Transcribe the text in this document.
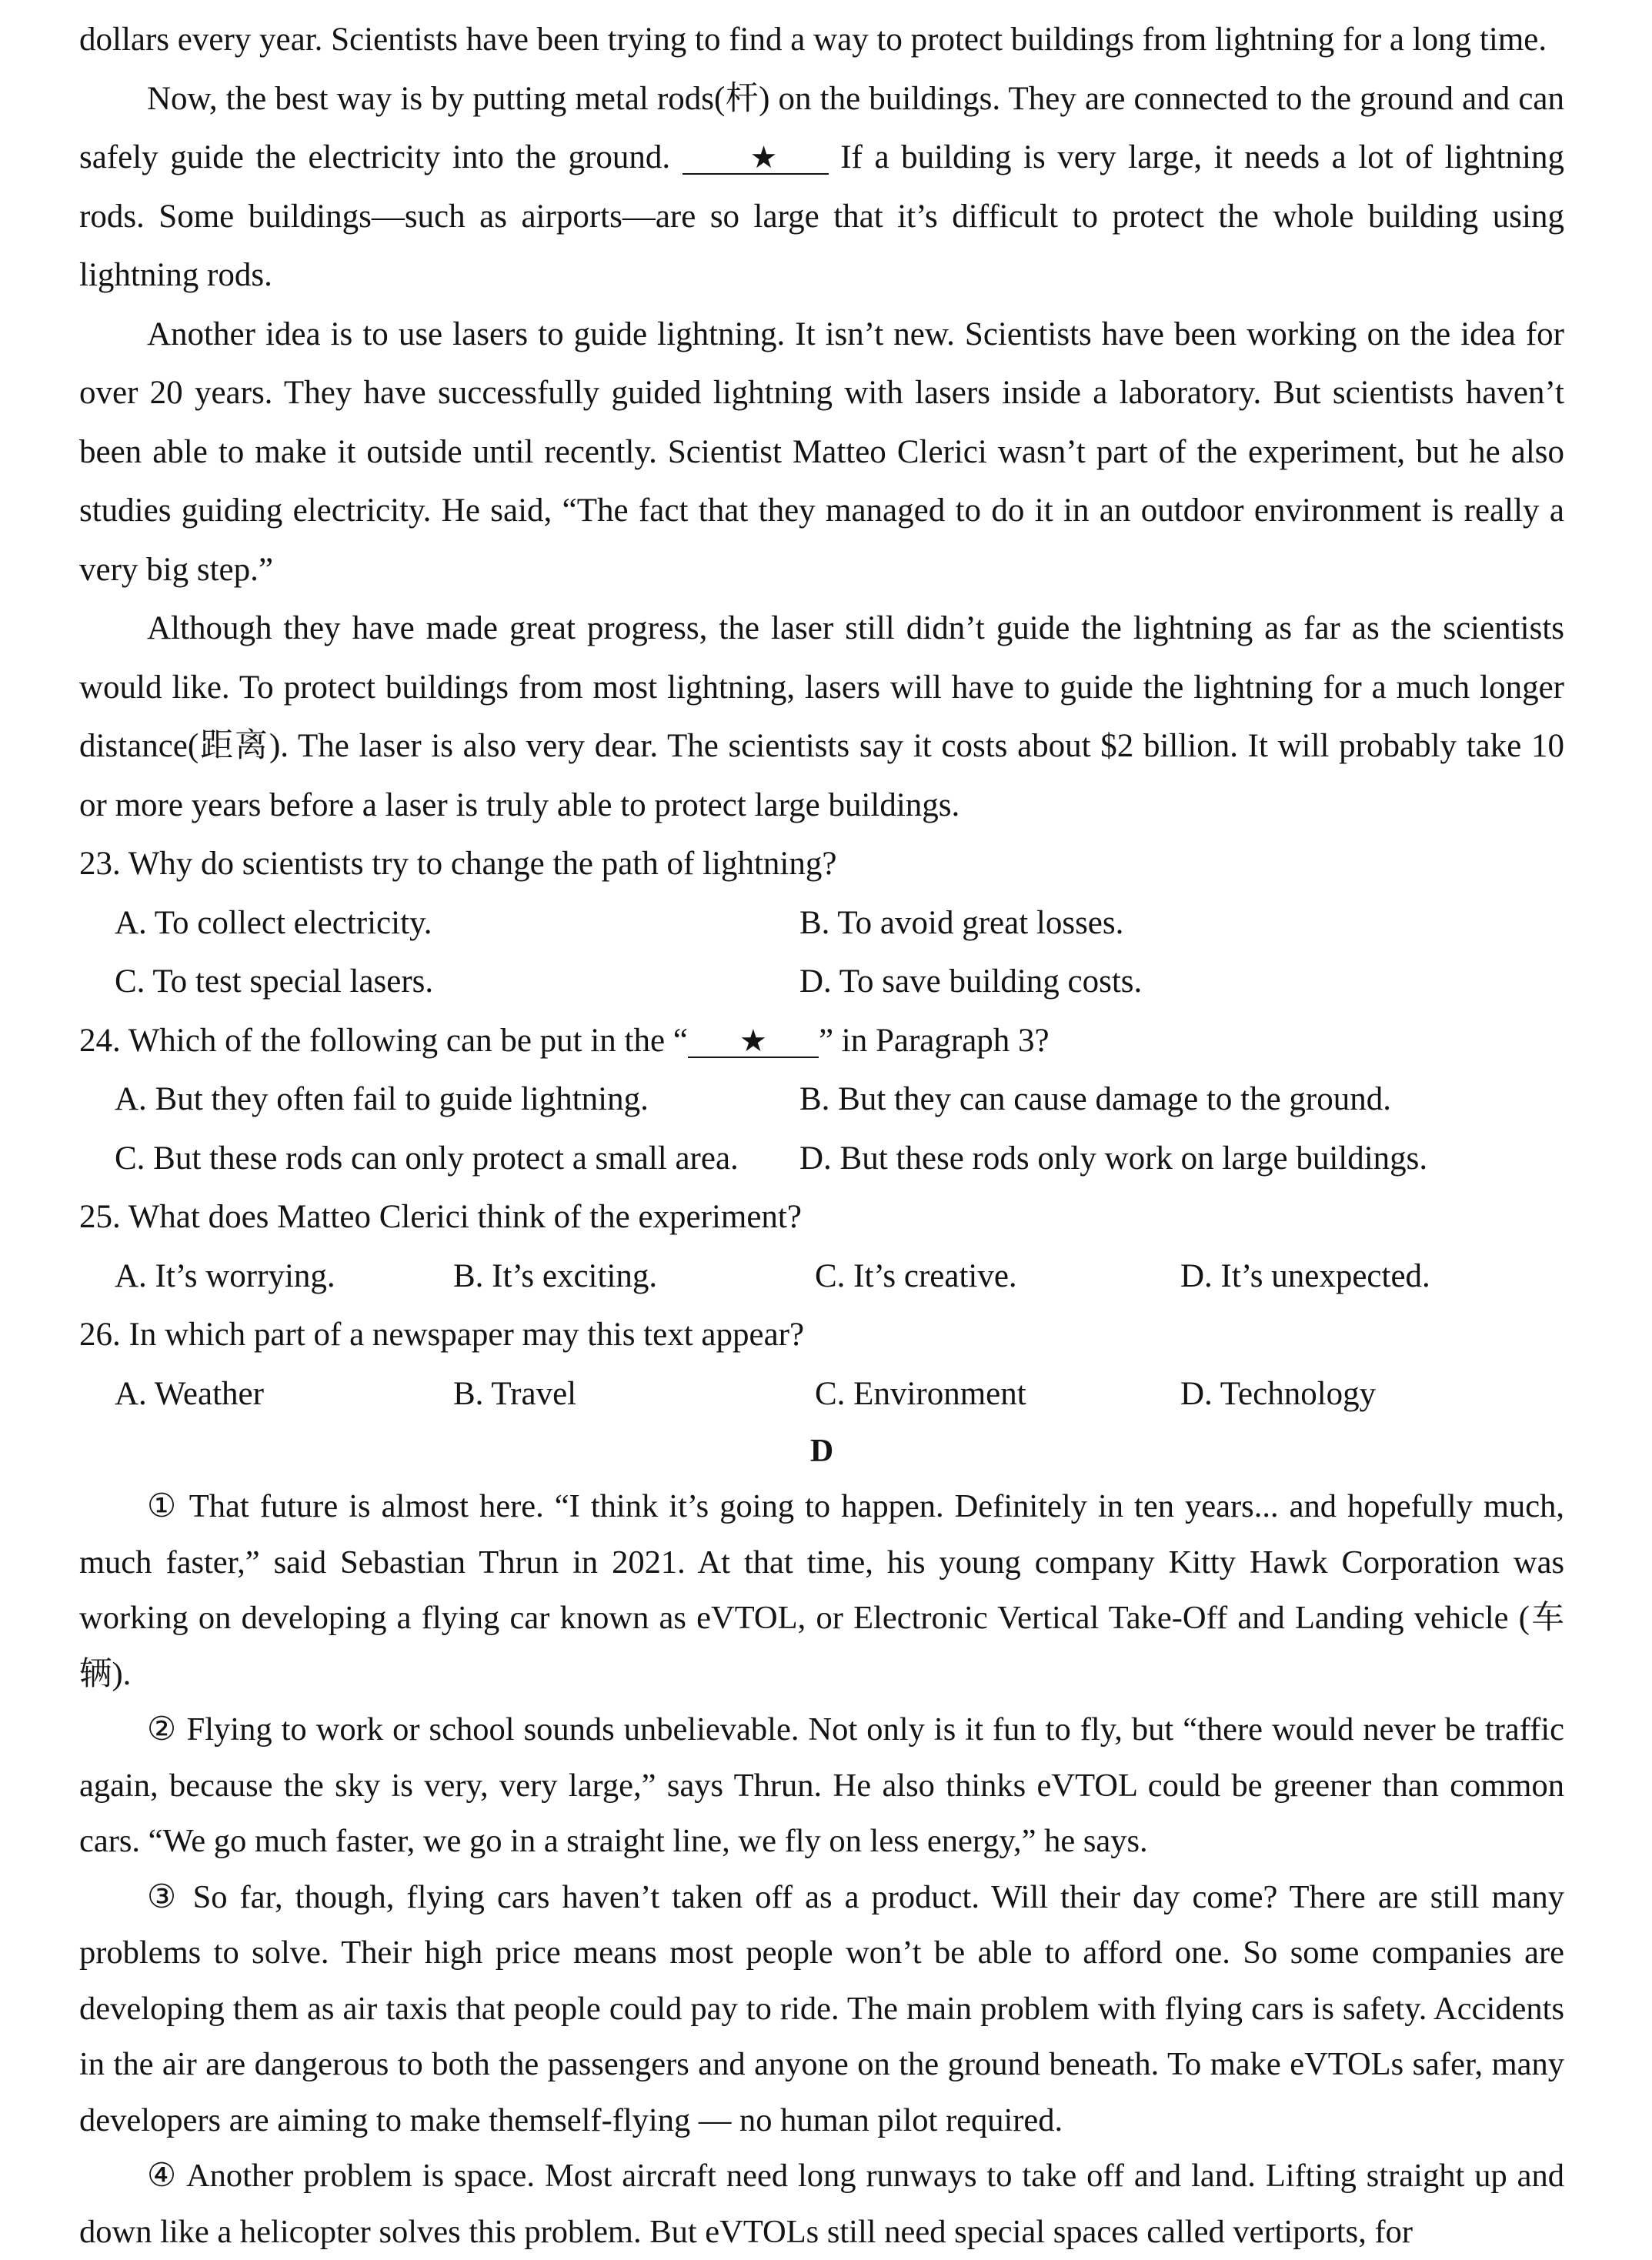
dollars every year. Scientists have been trying to find a way to protect buildings from lightning for a long time.

Now, the best way is by putting metal rods(杆) on the buildings. They are connected to the ground and can safely guide the electricity into the ground. ★ If a building is very large, it needs a lot of lightning rods. Some buildings—such as airports—are so large that it’s difficult to protect the whole building using lightning rods.

Another idea is to use lasers to guide lightning. It isn’t new. Scientists have been working on the idea for over 20 years. They have successfully guided lightning with lasers inside a laboratory. But scientists haven’t been able to make it outside until recently. Scientist Matteo Clerici wasn’t part of the experiment, but he also studies guiding electricity. He said, “The fact that they managed to do it in an outdoor environment is really a very big step.”

Although they have made great progress, the laser still didn’t guide the lightning as far as the scientists would like. To protect buildings from most lightning, lasers will have to guide the lightning for a much longer distance(距离). The laser is also very dear. The scientists say it costs about $2 billion. It will probably take 10 or more years before a laser is truly able to protect large buildings.

23. Why do scientists try to change the path of lightning?

A. To collect electricity.	B. To avoid great losses.
C. To test special lasers.	D. To save building costs.

24. Which of the following can be put in the “ ★ ” in Paragraph 3?

A. But they often fail to guide lightning.	B. But they can cause damage to the ground.
C. But these rods can only protect a small area.	D. But these rods only work on large buildings.

25. What does Matteo Clerici think of the experiment?

A. It’s worrying.	B. It’s exciting.	C. It’s creative.	D. It’s unexpected.

26. In which part of a newspaper may this text appear?

A. Weather	B. Travel	C. Environment	D. Technology

D

① That future is almost here. “I think it’s going to happen. Definitely in ten years... and hopefully much, much faster,” said Sebastian Thrun in 2021. At that time, his young company Kitty Hawk Corporation was working on developing a flying car known as eVTOL, or Electronic Vertical Take-Off and Landing vehicle (车辆).

② Flying to work or school sounds unbelievable. Not only is it fun to fly, but “there would never be traffic again, because the sky is very, very large,” says Thrun. He also thinks eVTOL could be greener than common cars. “We go much faster, we go in a straight line, we fly on less energy,” he says.

③ So far, though, flying cars haven’t taken off as a product. Will their day come? There are still many problems to solve. Their high price means most people won’t be able to afford one. So some companies are developing them as air taxis that people could pay to ride. The main problem with flying cars is safety. Accidents in the air are dangerous to both the passengers and anyone on the ground beneath. To make eVTOLs safer, many developers are aiming to make themself-flying — no human pilot required.

④ Another problem is space. Most aircraft need long runways to take off and land. Lifting straight up and down like a helicopter solves this problem. But eVTOLs still need special spaces called vertiports, for
